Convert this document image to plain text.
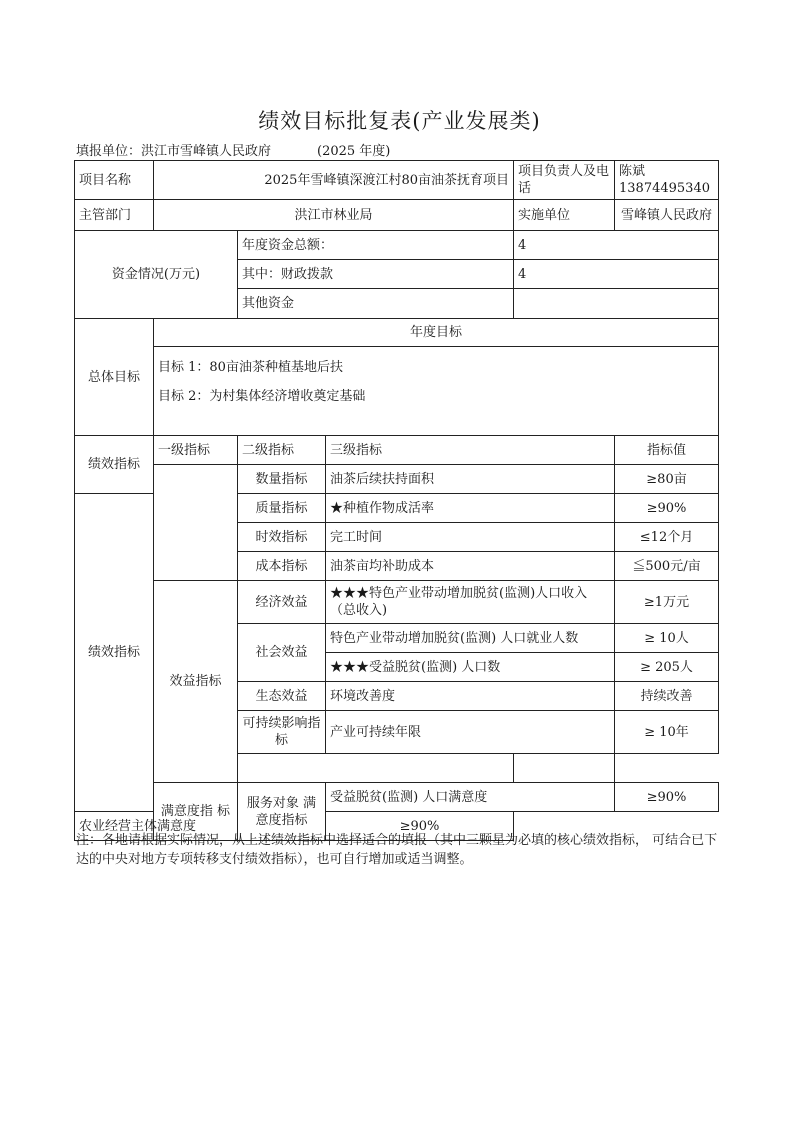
绩效目标批复表(产业发展类)
填报单位：洪江市雪峰镇人民政府	(2025 年度)
项目名称	2025年雪峰镇深渡江村80亩油茶抚育项目			项目负责人及电话	陈斌13874495340
主管部门	洪江市林业局			实施单位	雪峰镇人民政府
资金情况(万元)		年度资金总额：		4	
		其中：财政拨款		4	
		其他资金			
总体目标	年度目标				

	目标 1：80亩油茶种植基地后扶
目标 2：为村集体经济增收奠定基础				

绩效指标	一级指标	二级指标	三级指标		指标值
		数量指标	油茶后续扶持面积		≥80亩
绩效指标		质量指标	★种植作物成活率		≥90%
		时效指标	完工时间		≤12个月
		成本指标	油茶亩均补助成本		≦500元/亩
	效益指标	经济效益	★★★特色产业带动增加脱贫(监测)人口收入（总收入)		≥1万元
		社会效益	特色产业带动增加脱贫(监测) 人口就业人数		≥ 10人
			★★★受益脱贫(监测) 人口数		≥ 205人
		生态效益	环境改善度		持续改善
		可持续影响指标	产业可持续年限		≥ 10年

	满意度指 标	服务对象 满意度指标	受益脱贫(监测) 人口满意度		≥90%
农业经营主体满意度			≥90%		
注：各地请根据实际情况，从上述绩效指标中选择适合的填报（其中三颗星为必填的核心绩效指标， 可结合已下达的中央对地方专项转移支付绩效指标），也可自行增加或适当调整。
